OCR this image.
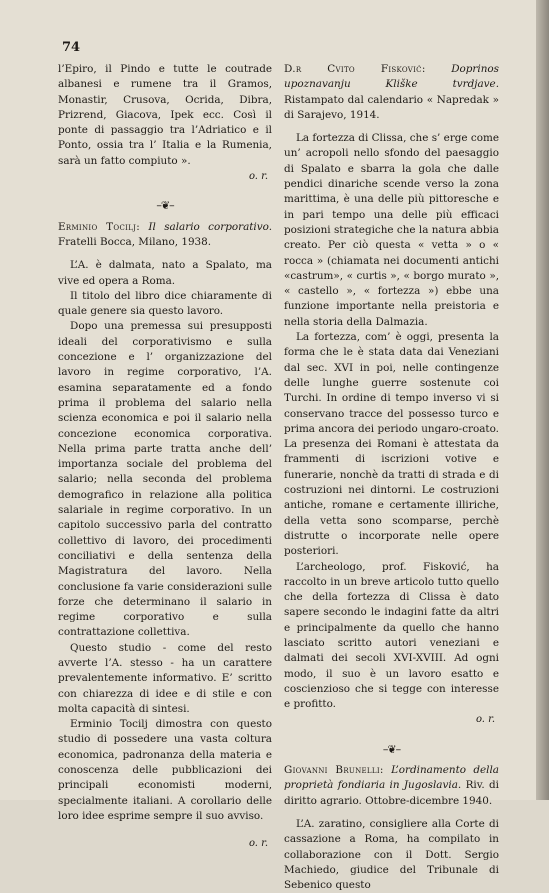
74

l’Epiro, il Pindo e tutte le coutrade albanesi e rumene tra il Gramos, Monastir, Crusova, Ocrida, Dibra, Prizrend, Giacova, Ipek ecc. Così il ponte di passaggio tra l’Adriatico e il Ponto, ossia tra l’ Italia e la Rumenia, sarà un fatto compiuto ».

o. r.

–❦–

Erminio Tocilj: Il salario corporativo. Fratelli Bocca, Milano, 1938.

L’A. è dalmata, nato a Spalato, ma vive ed opera a Roma.

Il titolo del libro dice chiaramente di quale genere sia questo lavoro.

Dopo una premessa sui presupposti ideali del corporativismo e sulla concezione e l’ organizzazione del lavoro in regime corporativo, l’A. esamina separatamente ed a fondo prima il problema del salario nella scienza economica e poi il salario nella concezione economica corporativa. Nella prima parte tratta anche dell’ importanza sociale del problema del salario; nella seconda del problema demografico in relazione alla politica salariale in regime corporativo. In un capitolo successivo parla del contratto collettivo di lavoro, dei procedimenti conciliativi e della sentenza della Magistratura del lavoro. Nella conclusione fa varie considerazioni sulle forze che determinano il salario in regime corporativo e sulla contrattazione collettiva.

Questo studio - come del resto avverte l’A. stesso - ha un carattere prevalentemente informativo. E’ scritto con chiarezza di idee e di stile e con molta capacità di sintesi.

Erminio Tocilj dimostra con questo studio di possedere una vasta coltura economica, padronanza della materia e conoscenza delle pubblicazioni dei principali economisti moderni, specialmente italiani. A corollario delle loro idee esprime sempre il suo avviso.

o. r.

D.r Cvito Fisković: Doprinos upoznavanju Kliške tvrdjave. Ristampato dal calendario « Napredak » di Sarajevo, 1914.

La fortezza di Clissa, che s’ erge come un’ acropoli nello sfondo del paesaggio di Spalato e sbarra la gola che dalle pendici dinariche scende verso la zona marittima, è una delle più pittoresche e in pari tempo una delle più efficaci posizioni strategiche che la natura abbia creato. Per ciò questa « vetta » o « rocca » (chiamata nei documenti antichi «castrum», « curtis », « borgo murato », « castello », « fortezza ») ebbe una funzione importante nella preistoria e nella storia della Dalmazia.

La fortezza, com’ è oggi, presenta la forma che le è stata data dai Veneziani dal sec. XVI in poi, nelle contingenze delle lunghe guerre sostenute coi Turchi. In ordine di tempo inverso vi si conservano tracce del possesso turco e prima ancora dei periodo ungaro-croato. La presenza dei Romani è attestata da frammenti di iscrizioni votive e funerarie, nonchè da tratti di strada e di costruzioni nei dintorni. Le costruzioni antiche, romane e certamente illiriche, della vetta sono scomparse, perchè distrutte o incorporate nelle opere posteriori.

L’archeologo, prof. Fisković, ha raccolto in un breve articolo tutto quello che della fortezza di Clissa è dato sapere secondo le indagini fatte da altri e principalmente da quello che hanno lasciato scritto autori veneziani e dalmati dei secoli XVI-XVIII. Ad ogni modo, il suo è un lavoro esatto e coscienzioso che si tegge con interesse e profitto.

o. r.

–❦–

Giovanni Brunelli: L’ordinamento della proprietà fondiaria in Jugoslavia. Riv. di diritto agrario. Ottobre-dicembre 1940.

L’A. zaratino, consigliere alla Corte di cassazione a Roma, ha compilato in collaborazione con il Dott. Sergio Machiedo, giudice del Tribunale di Sebenico questo
